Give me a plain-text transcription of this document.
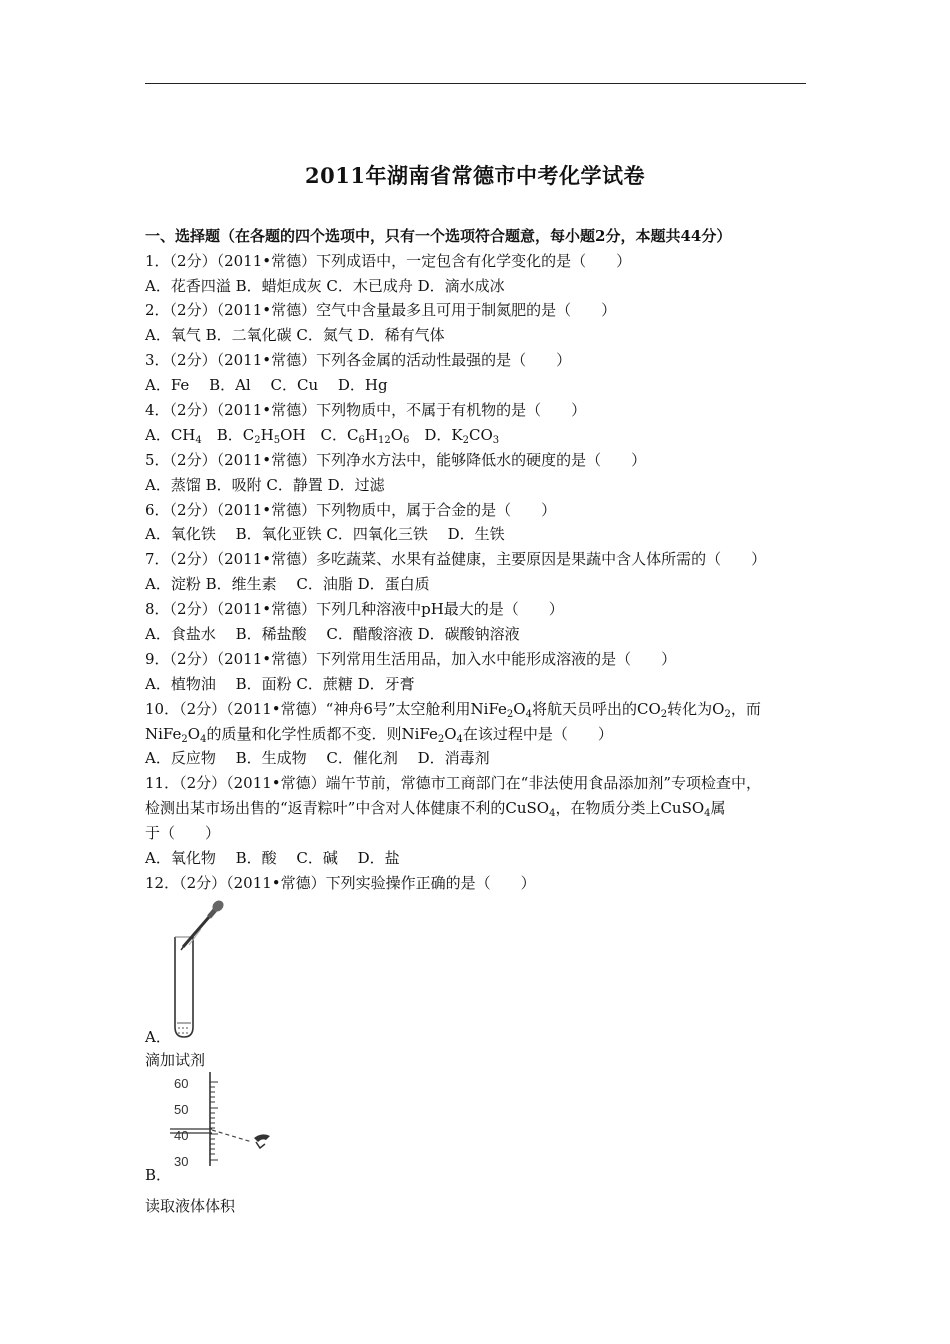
2011年湖南省常德市中考化学试卷
一、选择题（在各题的四个选项中，只有一个选项符合题意，每小题2分，本题共44分）
1．（2分）（2011•常德）下列成语中，一定包含有化学变化的是（　　）
A．花香四溢 B．蜡炬成灰 C．木已成舟 D．滴水成冰
2．（2分）（2011•常德）空气中含量最多且可用于制氮肥的是（　　）
A．氧气 B．二氧化碳 C．氮气 D．稀有气体
3．（2分）（2011•常德）下列各金属的活动性最强的是（　　）
A．Fe　 B．Al　 C．Cu　 D．Hg
4．（2分）（2011•常德）下列物质中，不属于有机物的是（　　）
A．$CH_4$　B．$C_2H_5OH$　C．$C_6H_{12}O_6$　D．$K_2CO_3$
5．（2分）（2011•常德）下列净水方法中，能够降低水的硬度的是（　　）
A．蒸馏 B．吸附 C．静置 D．过滤
6．（2分）（2011•常德）下列物质中，属于合金的是（　　）
A．氧化铁　 B．氧化亚铁 C．四氧化三铁　 D．生铁
7．（2分）（2011•常德）多吃蔬菜、水果有益健康，主要原因是果蔬中含人体所需的（　　）
A．淀粉 B．维生素　 C．油脂 D．蛋白质
8．（2分）（2011•常德）下列几种溶液中pH最大的是（　　）
A．食盐水　 B．稀盐酸　 C．醋酸溶液 D．碳酸钠溶液
9．（2分）（2011•常德）下列常用生活用品，加入水中能形成溶液的是（　　）
A．植物油　 B．面粉 C．蔗糖 D．牙膏
10．（2分）（2011•常德）“神舟6号”太空舱利用$NiFe_2O_4$将航天员呼出的$CO_2$转化为$O_2$，而
$NiFe_2O_4$的质量和化学性质都不变．则$NiFe_2O_4$在该过程中是（　　）
A．反应物　 B．生成物　 C．催化剂　 D．消毒剂
11．（2分）（2011•常德）端午节前，常德市工商部门在“非法使用食品添加剂”专项检查中，
检测出某市场出售的“返青粽叶”中含对人体健康不利的CuSO$_4$，在物质分类上CuSO$_4$属
于（　　）
A．氧化物　 B．酸　 C．碱　 D．盐
12．（2分）（2011•常德）下列实验操作正确的是（　　）
A．
滴加试剂
60
50
40
30
B．
读取液体体积
